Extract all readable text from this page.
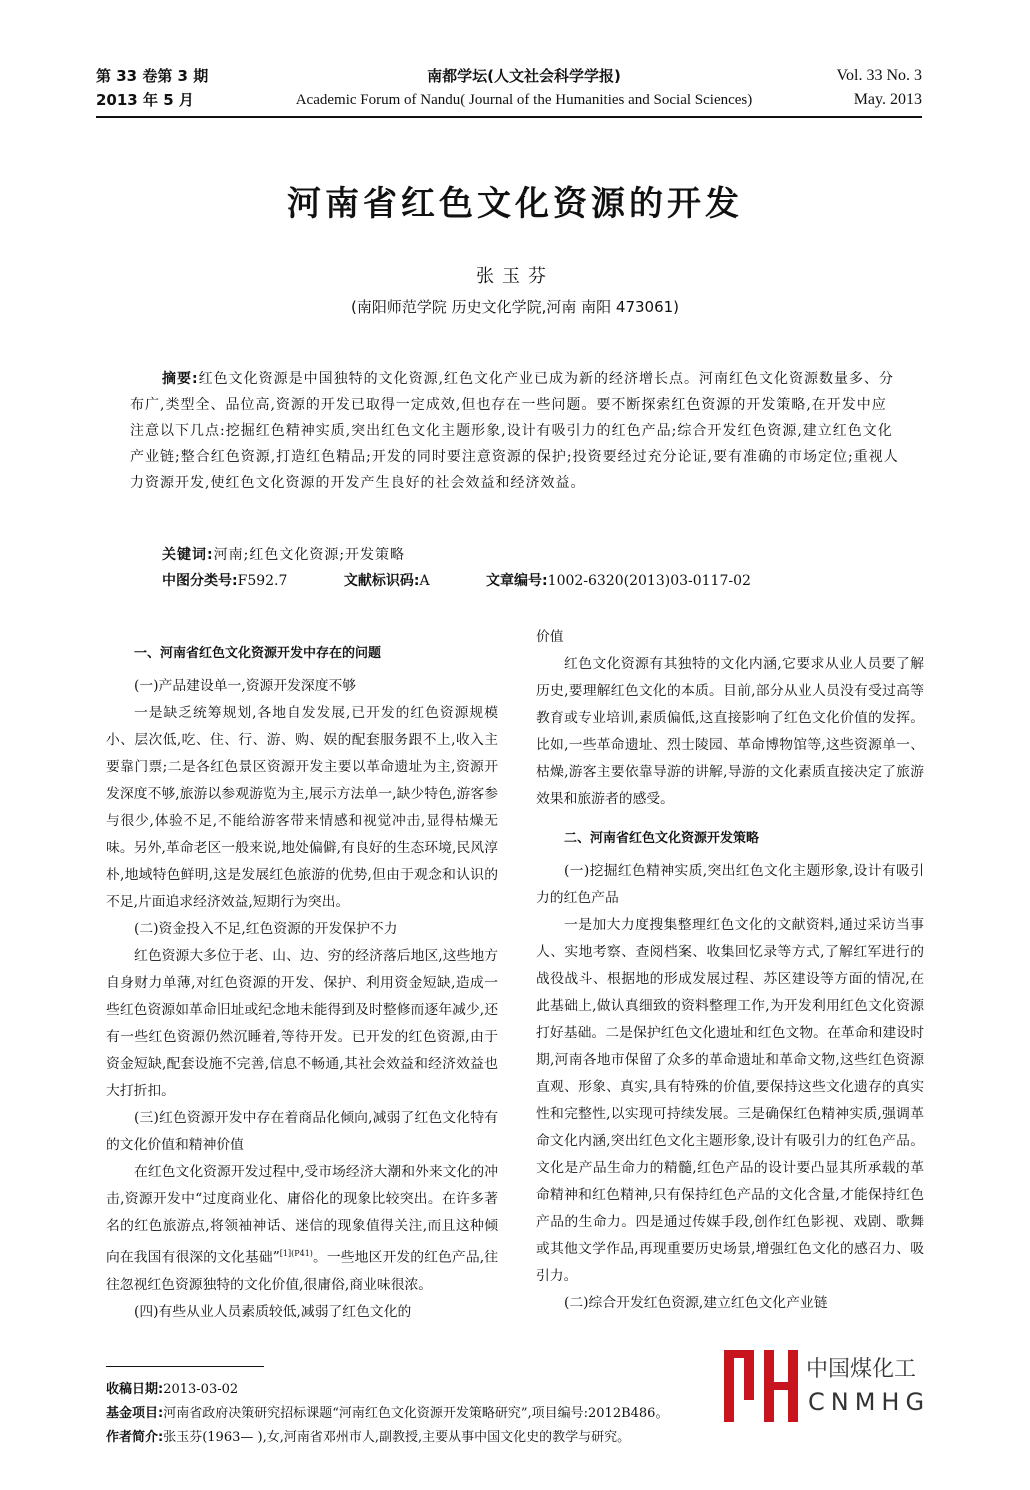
第 33 卷第 3 期
2013 年 5 月
南都学坛(人文社会科学学报)
Academic Forum of Nandu( Journal of the Humanities and Social Sciences)
Vol. 33 No. 3
May. 2013
河南省红色文化资源的开发
张玉芬
(南阳师范学院 历史文化学院,河南 南阳 473061)
摘要:红色文化资源是中国独特的文化资源,红色文化产业已成为新的经济增长点。河南红色文化资源数量多、分布广,类型全、品位高,资源的开发已取得一定成效,但也存在一些问题。要不断探索红色资源的开发策略,在开发中应注意以下几点:挖掘红色精神实质,突出红色文化主题形象,设计有吸引力的红色产品;综合开发红色资源,建立红色文化产业链;整合红色资源,打造红色精品;开发的同时要注意资源的保护;投资要经过充分论证,要有准确的市场定位;重视人力资源开发,使红色文化资源的开发产生良好的社会效益和经济效益。
关键词:河南;红色文化资源;开发策略
中图分类号:F592.7	文献标识码:A	文章编号:1002-6320(2013)03-0117-02

一、河南省红色文化资源开发中存在的问题

(一)产品建设单一,资源开发深度不够

一是缺乏统筹规划,各地自发发展,已开发的红色资源规模小、层次低,吃、住、行、游、购、娱的配套服务跟不上,收入主要靠门票;二是各红色景区资源开发主要以革命遗址为主,资源开发深度不够,旅游以参观游览为主,展示方法单一,缺少特色,游客参与很少,体验不足,不能给游客带来情感和视觉冲击,显得枯燥无味。另外,革命老区一般来说,地处偏僻,有良好的生态环境,民风淳朴,地域特色鲜明,这是发展红色旅游的优势,但由于观念和认识的不足,片面追求经济效益,短期行为突出。

(二)资金投入不足,红色资源的开发保护不力

红色资源大多位于老、山、边、穷的经济落后地区,这些地方自身财力单薄,对红色资源的开发、保护、利用资金短缺,造成一些红色资源如革命旧址或纪念地未能得到及时整修而逐年减少,还有一些红色资源仍然沉睡着,等待开发。已开发的红色资源,由于资金短缺,配套设施不完善,信息不畅通,其社会效益和经济效益也大打折扣。

(三)红色资源开发中存在着商品化倾向,减弱了红色文化特有的文化价值和精神价值

在红色文化资源开发过程中,受市场经济大潮和外来文化的冲击,资源开发中“过度商业化、庸俗化的现象比较突出。在许多著名的红色旅游点,将领袖神话、迷信的现象值得关注,而且这种倾向在我国有很深的文化基础”$^{[1](P41)}$。一些地区开发的红色产品,往往忽视红色资源独特的文化价值,很庸俗,商业味很浓。

(四)有些从业人员素质较低,减弱了红色文化的

价值

红色文化资源有其独特的文化内涵,它要求从业人员要了解历史,要理解红色文化的本质。目前,部分从业人员没有受过高等教育或专业培训,素质偏低,这直接影响了红色文化价值的发挥。比如,一些革命遗址、烈士陵园、革命博物馆等,这些资源单一、枯燥,游客主要依靠导游的讲解,导游的文化素质直接决定了旅游效果和旅游者的感受。

二、河南省红色文化资源开发策略

(一)挖掘红色精神实质,突出红色文化主题形象,设计有吸引力的红色产品

一是加大力度搜集整理红色文化的文献资料,通过采访当事人、实地考察、查阅档案、收集回忆录等方式,了解红军进行的战役战斗、根据地的形成发展过程、苏区建设等方面的情况,在此基础上,做认真细致的资料整理工作,为开发利用红色文化资源打好基础。二是保护红色文化遗址和红色文物。在革命和建设时期,河南各地市保留了众多的革命遗址和革命文物,这些红色资源直观、形象、真实,具有特殊的价值,要保持这些文化遗存的真实性和完整性,以实现可持续发展。三是确保红色精神实质,强调革命文化内涵,突出红色文化主题形象,设计有吸引力的红色产品。文化是产品生命力的精髓,红色产品的设计要凸显其所承载的革命精神和红色精神,只有保持红色产品的文化含量,才能保持红色产品的生命力。四是通过传媒手段,创作红色影视、戏剧、歌舞或其他文学作品,再现重要历史场景,增强红色文化的感召力、吸引力。

(二)综合开发红色资源,建立红色文化产业链

收稿日期:2013-03-02

基金项目:河南省政府决策研究招标课题“河南红色文化资源开发策略研究”,项目编号:2012B486。

作者简介:张玉芬(1963— ),女,河南省邓州市人,副教授,主要从事中国文化史的教学与研究。

中国煤化工
CNMHG
